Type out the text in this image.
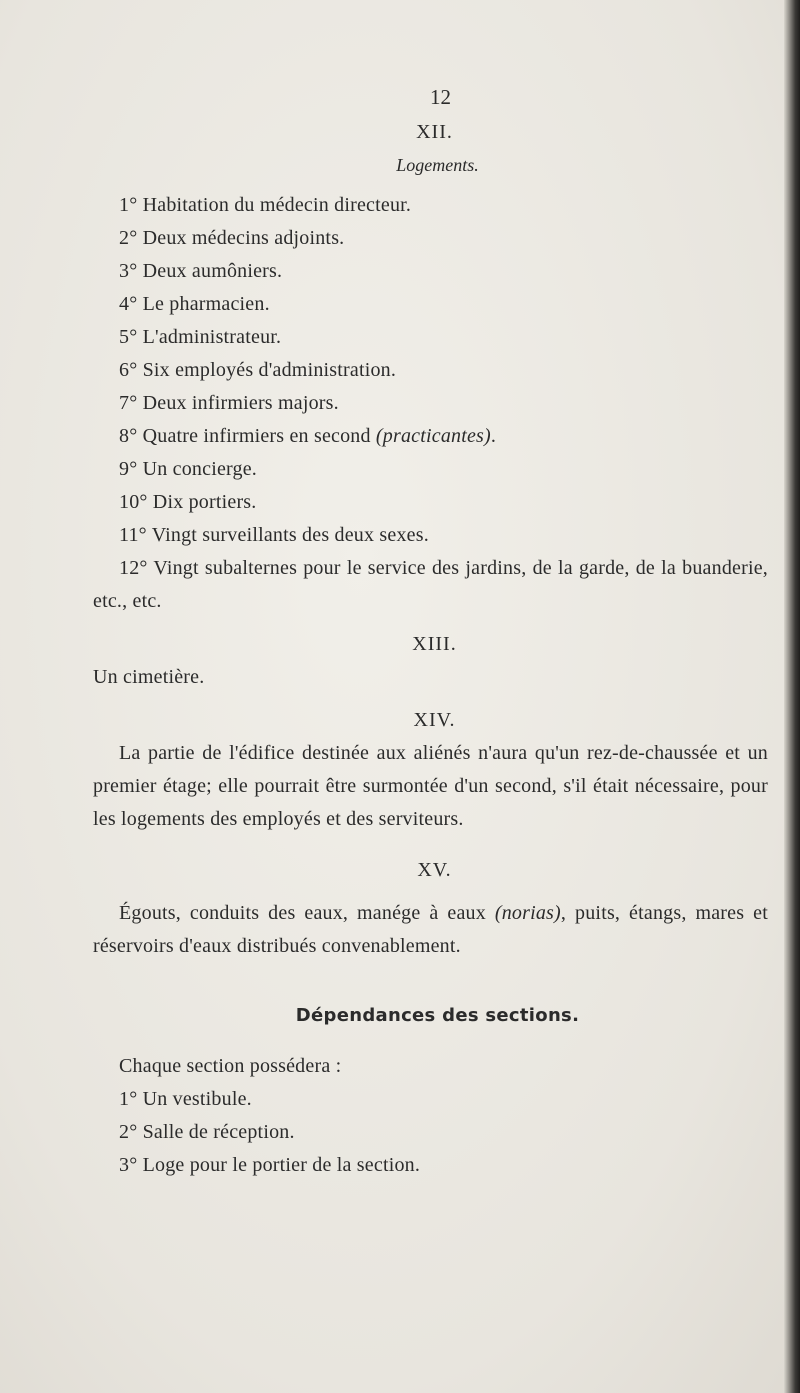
12
XII.
Logements.
1° Habitation du médecin directeur.
2° Deux médecins adjoints.
3° Deux aumôniers.
4° Le pharmacien.
5° L'administrateur.
6° Six employés d'administration.
7° Deux infirmiers majors.
8° Quatre infirmiers en second (practicantes).
9° Un concierge.
10° Dix portiers.
11° Vingt surveillants des deux sexes.
12° Vingt subalternes pour le service des jardins, de la garde, de la buanderie, etc., etc.
XIII.
Un cimetière.
XIV.
La partie de l'édifice destinée aux aliénés n'aura qu'un rez-de-chaussée et un premier étage; elle pourrait être surmontée d'un second, s'il était nécessaire, pour les logements des employés et des serviteurs.
XV.
Égouts, conduits des eaux, manége à eaux (norias), puits, étangs, mares et réservoirs d'eaux distribués convenablement.
Dépendances des sections.
Chaque section possédera :
1° Un vestibule.
2° Salle de réception.
3° Loge pour le portier de la section.
